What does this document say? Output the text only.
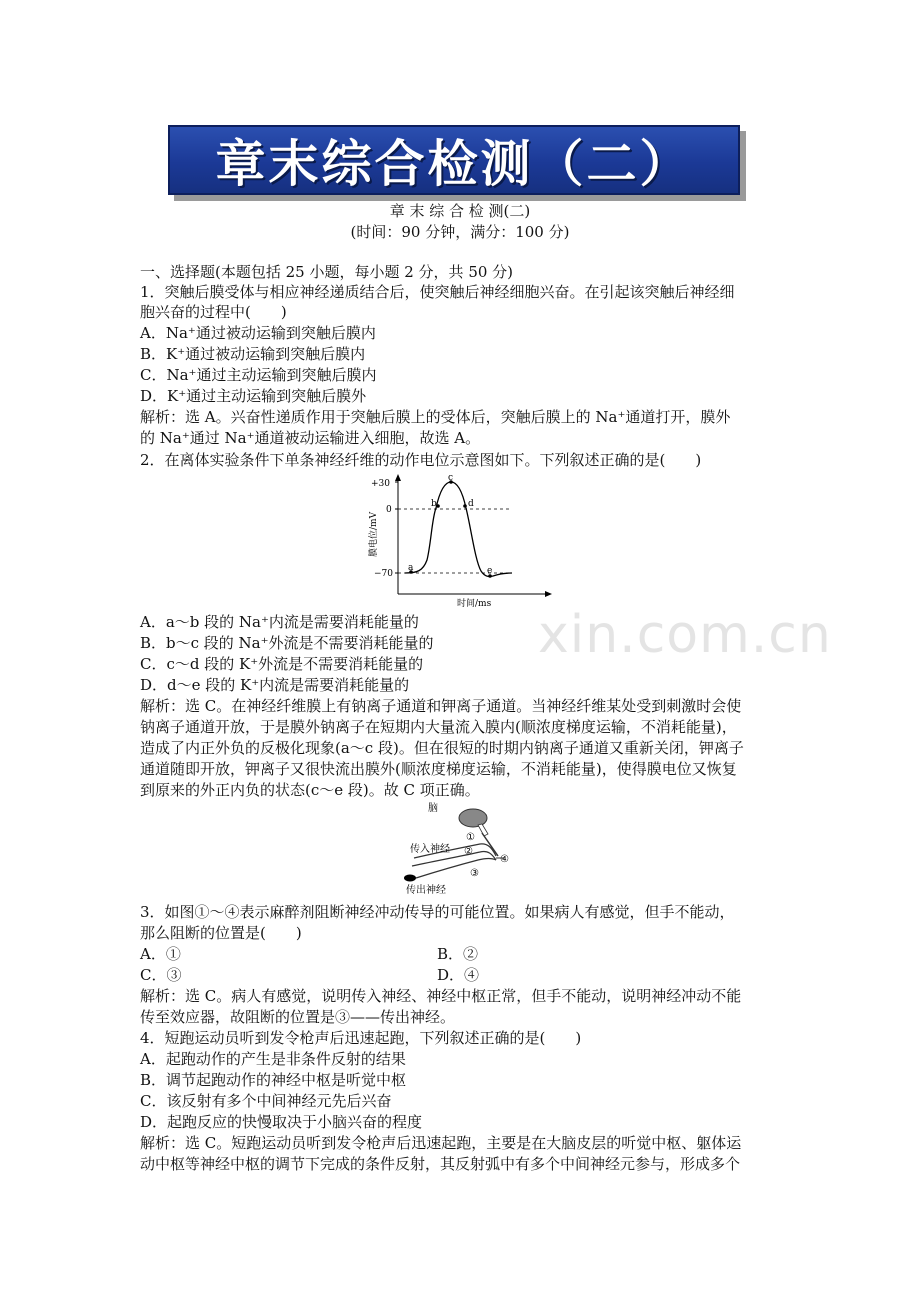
章末综合检测（二）
章 末 综 合 检 测(二)
(时间：90 分钟，满分：100 分)
一、选择题(本题包括 25 小题，每小题 2 分，共 50 分)
1．突触后膜受体与相应神经递质结合后，使突触后神经细胞兴奋。在引起该突触后神经细
胞兴奋的过程中(　　)
A．Na⁺通过被动运输到突触后膜内
B．K⁺通过被动运输到突触后膜内
C．Na⁺通过主动运输到突触后膜内
D．K⁺通过主动运输到突触后膜外
解析：选 A。兴奋性递质作用于突触后膜上的受体后，突触后膜上的 Na⁺通道打开，膜外
的 Na⁺通过 Na⁺通道被动运输进入细胞，故选 A。
2．在离体实验条件下单条神经纤维的动作电位示意图如下。下列叙述正确的是(　　)
+30
0
−70
膜电位/mV
时间/ms
a
b
c
d
e
xin.com.cn
A．a～b 段的 Na⁺内流是需要消耗能量的
B．b～c 段的 Na⁺外流是不需要消耗能量的
C．c～d 段的 K⁺外流是不需要消耗能量的
D．d～e 段的 K⁺内流是需要消耗能量的
解析：选 C。在神经纤维膜上有钠离子通道和钾离子通道。当神经纤维某处受到刺激时会使
钠离子通道开放，于是膜外钠离子在短期内大量流入膜内(顺浓度梯度运输，不消耗能量)，
造成了内正外负的反极化现象(a～c 段)。但在很短的时期内钠离子通道又重新关闭，钾离子
通道随即开放，钾离子又很快流出膜外(顺浓度梯度运输，不消耗能量)，使得膜电位又恢复
到原来的外正内负的状态(c～e 段)。故 C 项正确。
脑
传入神经
传出神经
①
②
③
④
3．如图①～④表示麻醉剂阻断神经冲动传导的可能位置。如果病人有感觉，但手不能动，
那么阻断的位置是(　　)
A．①	B．②
C．③	D．④
解析：选 C。病人有感觉，说明传入神经、神经中枢正常，但手不能动，说明神经冲动不能
传至效应器，故阻断的位置是③——传出神经。
4．短跑运动员听到发令枪声后迅速起跑，下列叙述正确的是(　　)
A．起跑动作的产生是非条件反射的结果
B．调节起跑动作的神经中枢是听觉中枢
C．该反射有多个中间神经元先后兴奋
D．起跑反应的快慢取决于小脑兴奋的程度
解析：选 C。短跑运动员听到发令枪声后迅速起跑，主要是在大脑皮层的听觉中枢、躯体运
动中枢等神经中枢的调节下完成的条件反射，其反射弧中有多个中间神经元参与，形成多个
